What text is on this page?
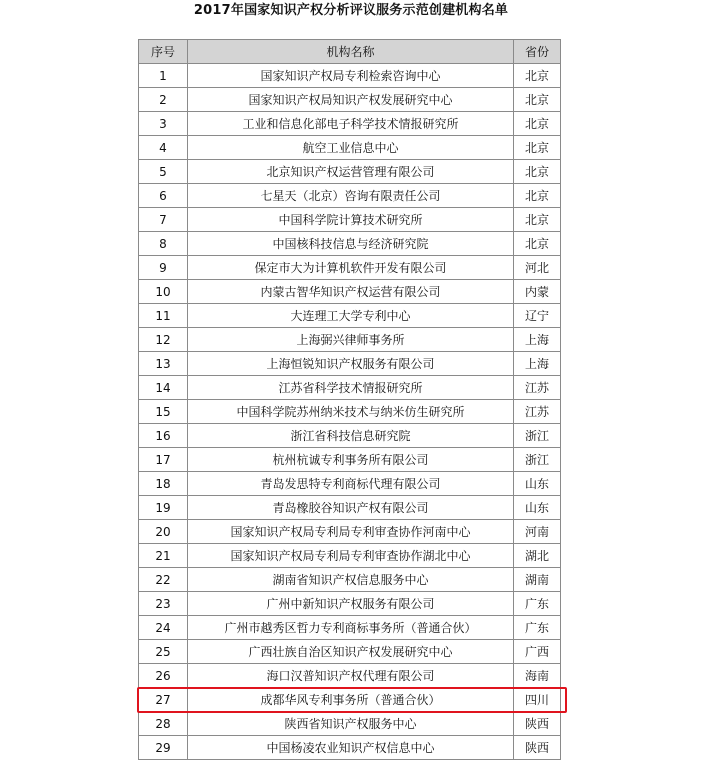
2017年国家知识产权分析评议服务示范创建机构名单
序号	机构名称	省份
1	国家知识产权局专利检索咨询中心	北京
2	国家知识产权局知识产权发展研究中心	北京
3	工业和信息化部电子科学技术情报研究所	北京
4	航空工业信息中心	北京
5	北京知识产权运营管理有限公司	北京
6	七星天（北京）咨询有限责任公司	北京
7	中国科学院计算技术研究所	北京
8	中国核科技信息与经济研究院	北京
9	保定市大为计算机软件开发有限公司	河北
10	内蒙古智华知识产权运营有限公司	内蒙
11	大连理工大学专利中心	辽宁
12	上海弼兴律师事务所	上海
13	上海恒锐知识产权服务有限公司	上海
14	江苏省科学技术情报研究所	江苏
15	中国科学院苏州纳米技术与纳米仿生研究所	江苏
16	浙江省科技信息研究院	浙江
17	杭州杭诚专利事务所有限公司	浙江
18	青岛发思特专利商标代理有限公司	山东
19	青岛橡胶谷知识产权有限公司	山东
20	国家知识产权局专利局专利审查协作河南中心	河南
21	国家知识产权局专利局专利审查协作湖北中心	湖北
22	湖南省知识产权信息服务中心	湖南
23	广州中新知识产权服务有限公司	广东
24	广州市越秀区哲力专利商标事务所（普通合伙）	广东
25	广西壮族自治区知识产权发展研究中心	广西
26	海口汉普知识产权代理有限公司	海南
27	成都华风专利事务所（普通合伙）	四川
28	陕西省知识产权服务中心	陕西
29	中国杨凌农业知识产权信息中心	陕西
